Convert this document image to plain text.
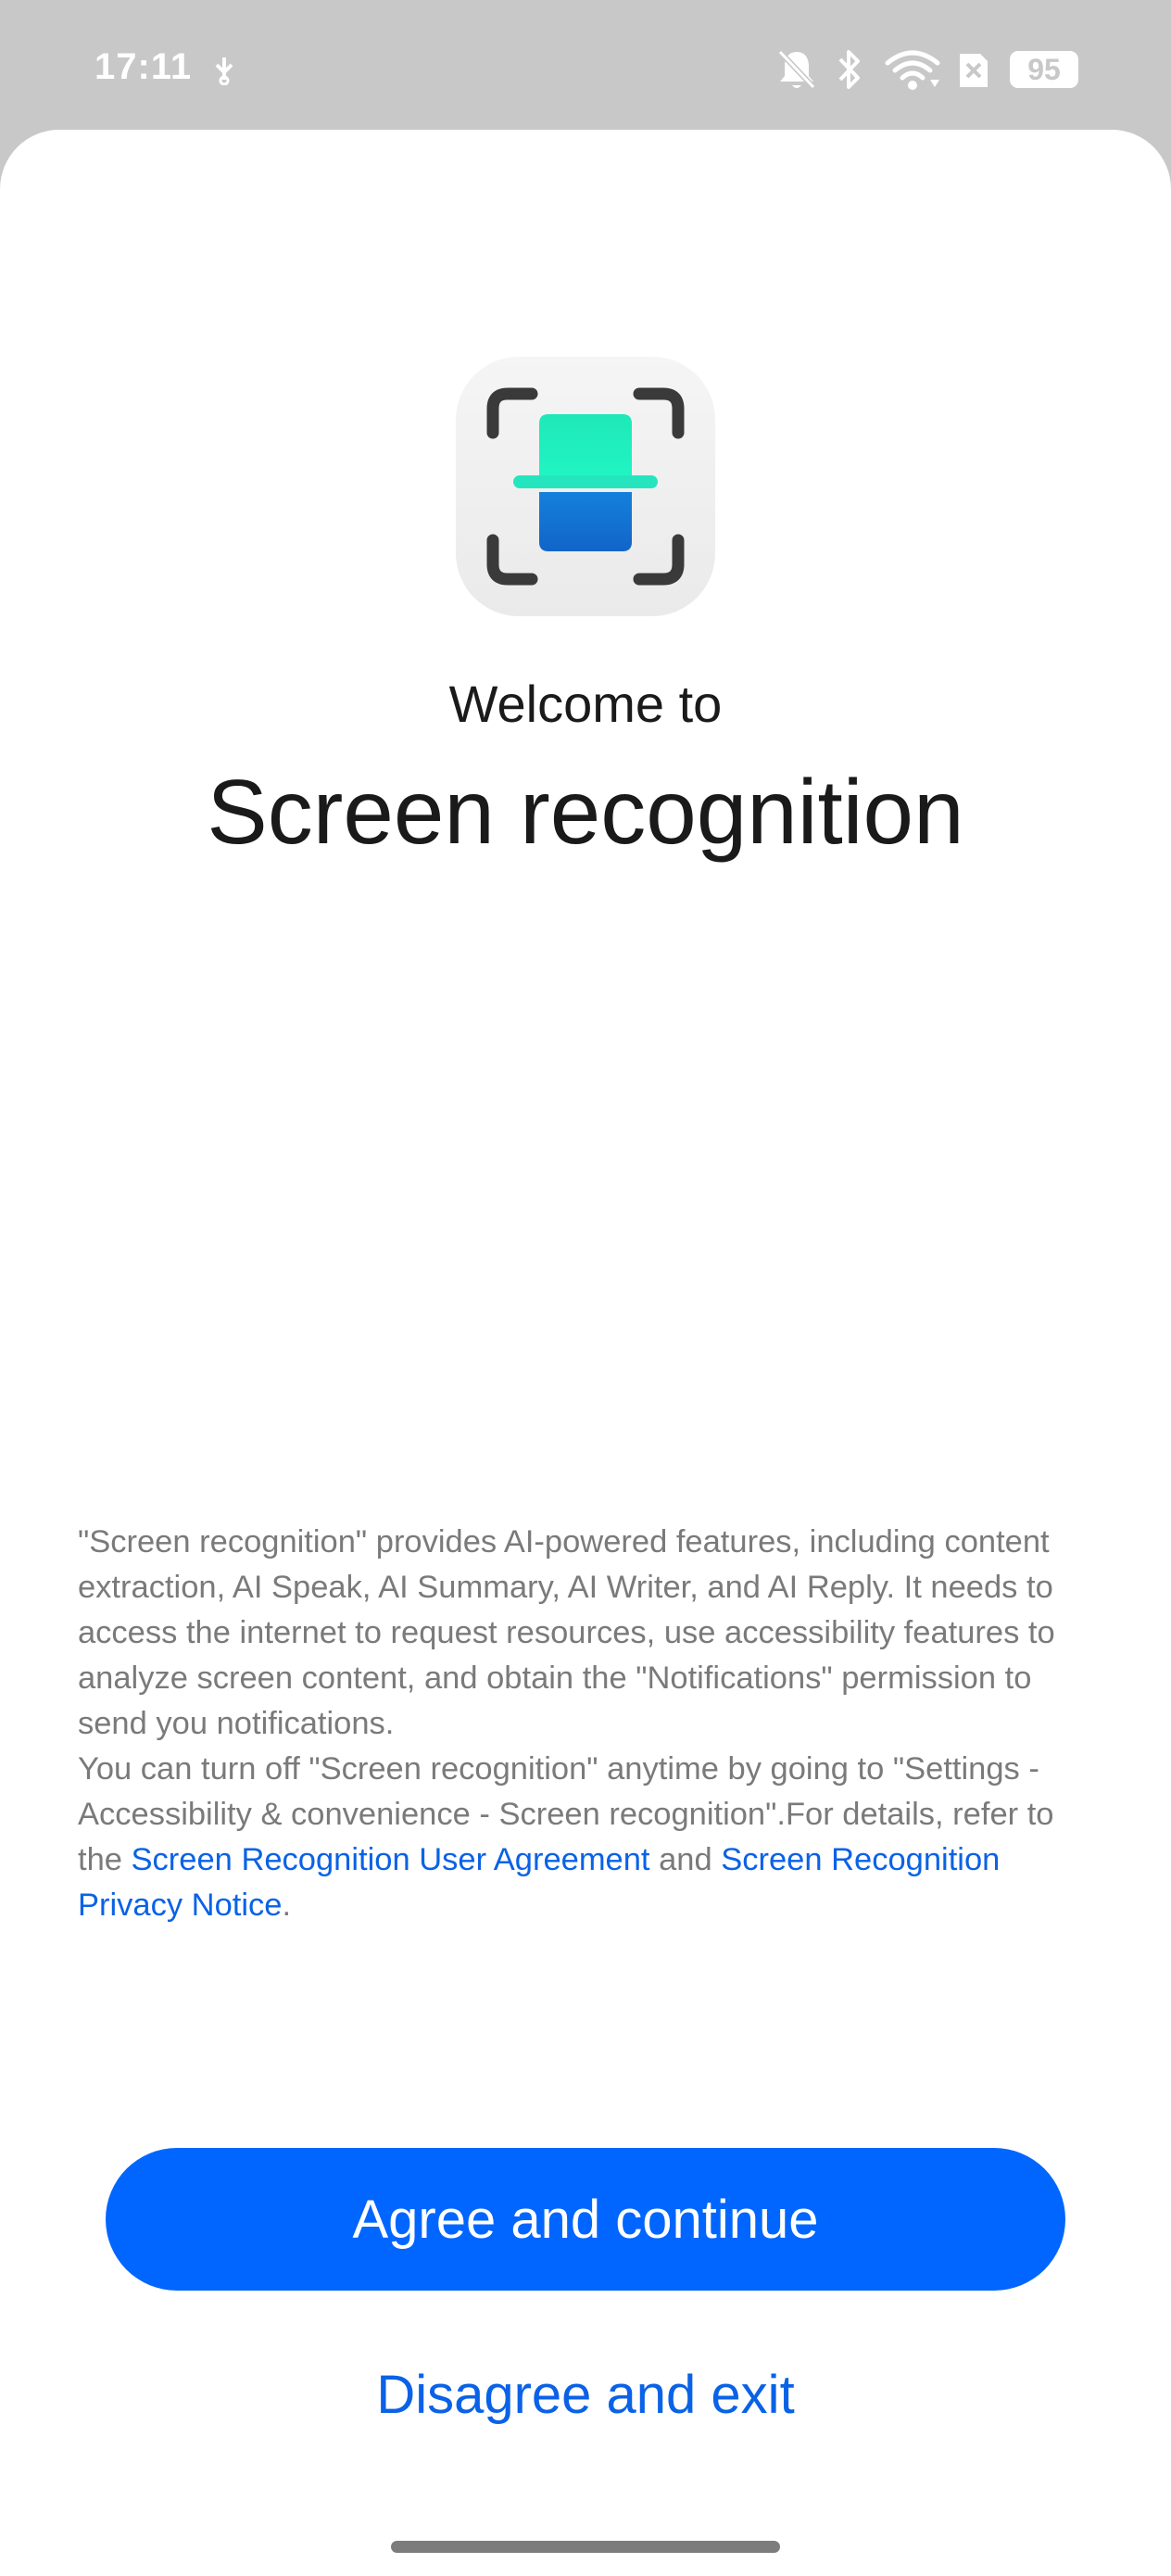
17:11	95
Welcome to
Screen recognition

"Screen recognition" provides AI-powered features, including content extraction, AI Speak, AI Summary, AI Writer, and AI Reply. It needs to access the internet to request resources, use accessibility features to analyze screen content, and obtain the "Notifications" permission to send you notifications.

You can turn off "Screen recognition" anytime by going to "Settings - Accessibility & convenience - Screen recognition".For details, refer to the Screen Recognition User Agreement and Screen Recognition Privacy Notice.

Agree and continue
Disagree and exit
